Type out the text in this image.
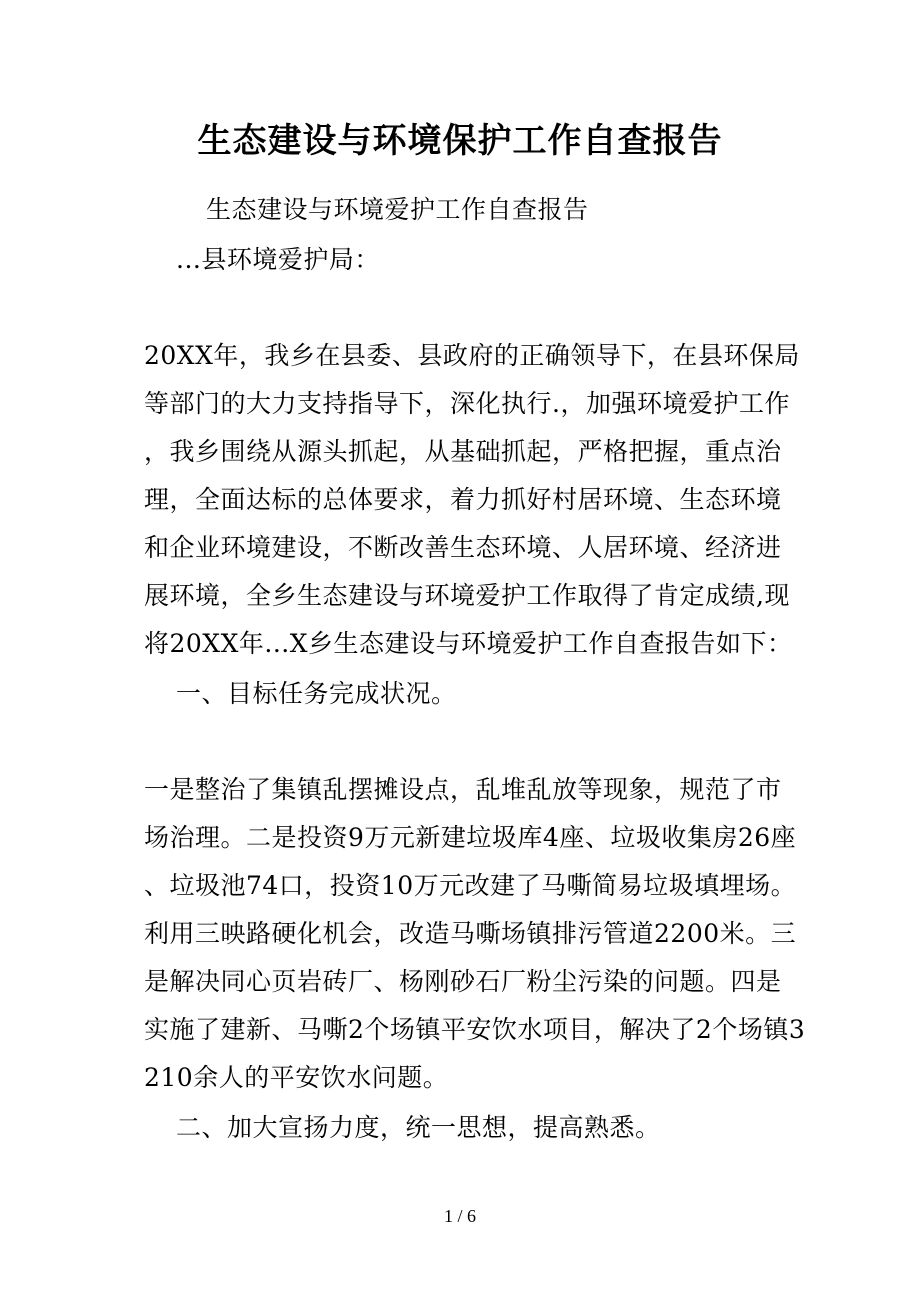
生态建设与环境保护工作自查报告
生态建设与环境爱护工作自查报告
...县环境爱护局：
20XX年，我乡在县委、县政府的正确领导下，在县环保局
等部门的大力支持指导下，深化执行.，加强环境爱护工作
，我乡围绕从源头抓起，从基础抓起，严格把握，重点治
理，全面达标的总体要求，着力抓好村居环境、生态环境
和企业环境建设，不断改善生态环境、人居环境、经济进
展环境，全乡生态建设与环境爱护工作取得了肯定成绩,现
将20XX年...X乡生态建设与环境爱护工作自查报告如下：
一、目标任务完成状况。
一是整治了集镇乱摆摊设点，乱堆乱放等现象，规范了市
场治理。二是投资9万元新建垃圾库4座、垃圾收集房26座
、垃圾池74口，投资10万元改建了马嘶简易垃圾填埋场。
利用三映路硬化机会，改造马嘶场镇排污管道2200米。三
是解决同心页岩砖厂、杨刚砂石厂粉尘污染的问题。四是
实施了建新、马嘶2个场镇平安饮水项目，解决了2个场镇3
210余人的平安饮水问题。
二、加大宣扬力度，统一思想，提高熟悉。
1 / 6
